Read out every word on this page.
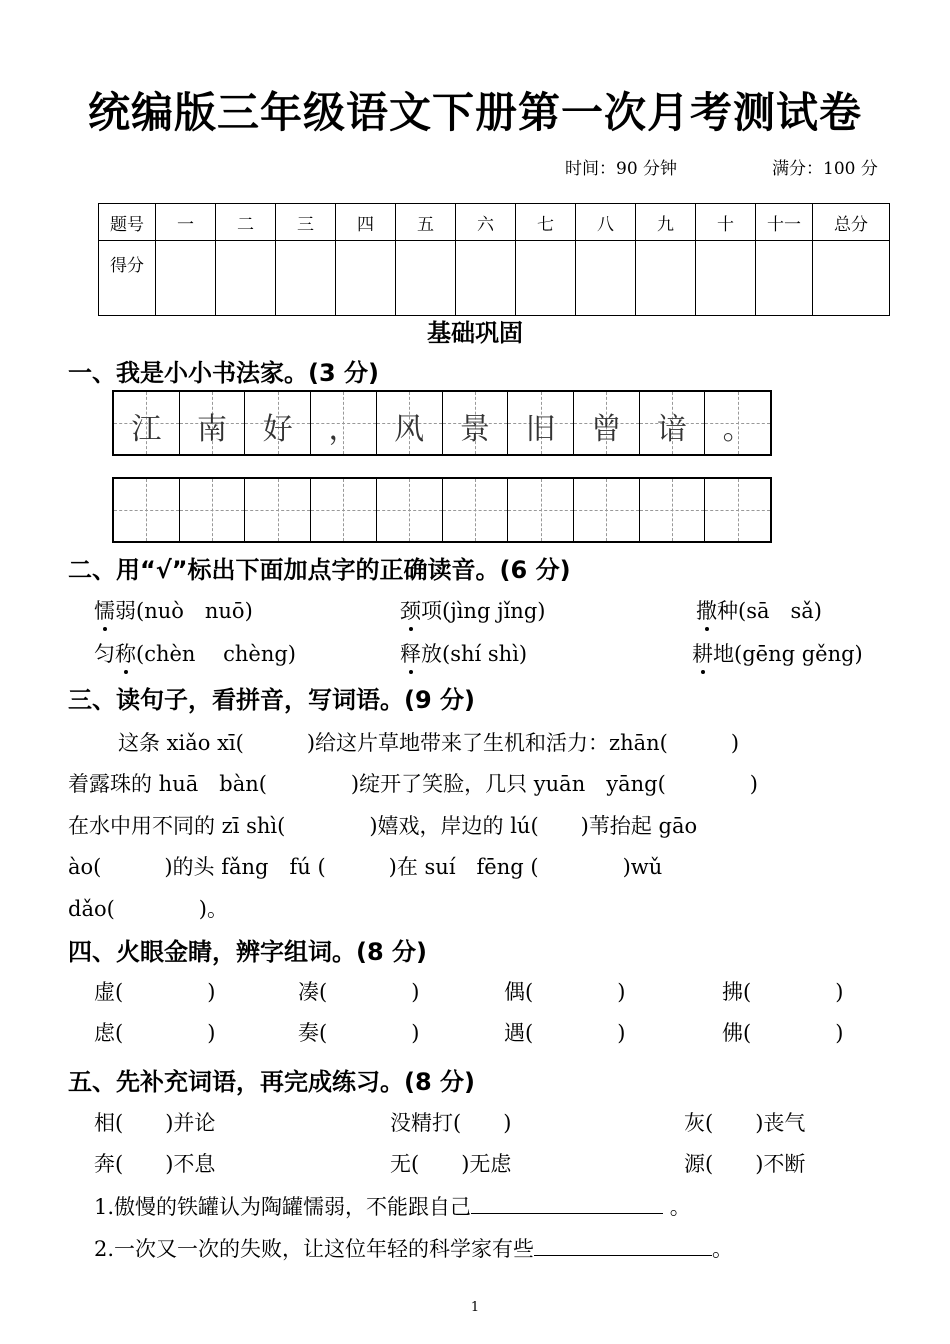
统编版三年级语文下册第一次月考测试卷
时间：90 分钟	满分：100 分
题号	一	二	三	四	五	六	七	八	九	十	十一	总分
得分												
基础巩固
一、我是小小书法家。(3 分)
江	南	好	，	风	景	旧	曾	谙	。
二、用“√”标出下面加点字的正确读音。(6 分)
懦弱(nuò　nuō)	颈项(jìng jǐng)	撒种(sā　sǎ)
匀称(chèn　 chèng)	释放(shí shì)	耕地(gēng gěng)
三、读句子，看拼音，写词语。(9 分)
这条 xiǎo xī(　　　)给这片草地带来了生机和活力：zhān(　　　)
着露珠的 huā　bàn(　　　　)绽开了笑脸，几只 yuān　yāng(　　　　)
在水中用不同的 zī shì(　　　　)嬉戏，岸边的 lú(　　)苇抬起 gāo
ào(　　　)的头 fǎng　fú (　　　)在 suí　fēng (　　　　)wǔ
dǎo(　　　　)。
四、火眼金睛，辨字组词。(8 分)
虚(　　　　)	凑(　　　　)	偶(　　　　)	拂(　　　　)
虑(　　　　)	奏(　　　　)	遇(　　　　)	佛(　　　　)
五、先补充词语，再完成练习。(8 分)
相(　　)并论	没精打(　　)	灰(　　)丧气
奔(　　)不息	无(　　)无虑	源(　　)不断
1.傲慢的铁罐认为陶罐懦弱，不能跟自己	。
2.一次又一次的失败，让这位年轻的科学家有些	。
1
